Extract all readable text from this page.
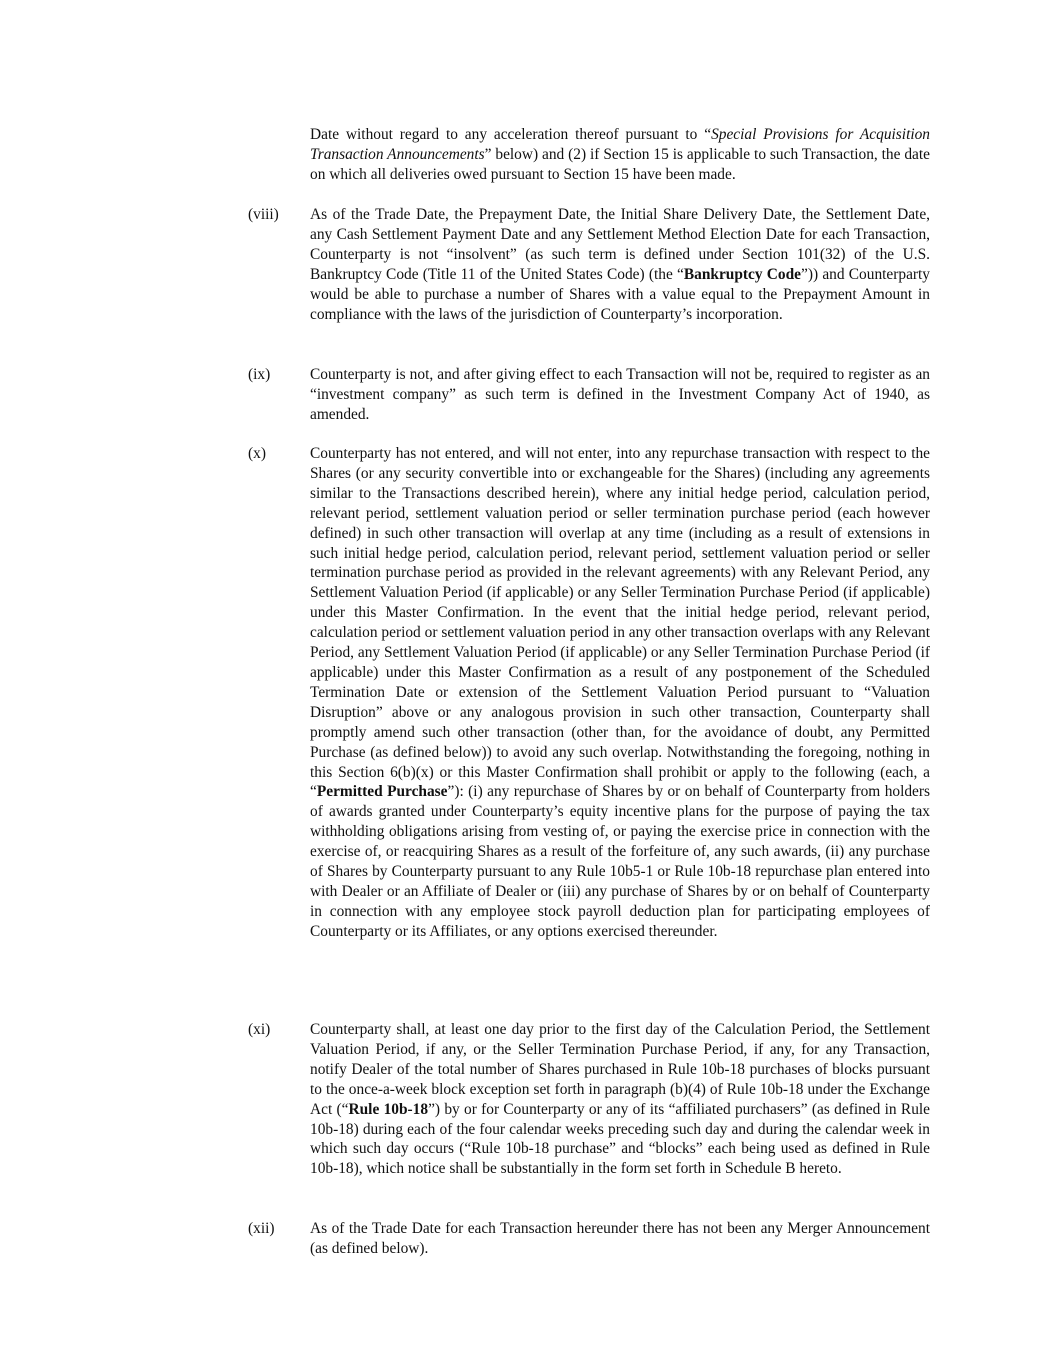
Date without regard to any acceleration thereof pursuant to “Special Provisions for Acquisition Transaction Announcements” below) and (2) if Section 15 is applicable to such Transaction, the date on which all deliveries owed pursuant to Section 15 have been made.

(viii) As of the Trade Date, the Prepayment Date, the Initial Share Delivery Date, the Settlement Date, any Cash Settlement Payment Date and any Settlement Method Election Date for each Transaction, Counterparty is not “insolvent” (as such term is defined under Section 101(32) of the U.S. Bankruptcy Code (Title 11 of the United States Code) (the “Bankruptcy Code”)) and Counterparty would be able to purchase a number of Shares with a value equal to the Prepayment Amount in compliance with the laws of the jurisdiction of Counterparty’s incorporation.

(ix)	Counterparty is not, and after giving effect to each Transaction will not be, required to register as an “investment company” as such term is defined in the Investment Company Act of 1940, as amended.

(x)	Counterparty has not entered, and will not enter, into any repurchase transaction with respect to the Shares (or any security convertible into or exchangeable for the Shares) (including any agreements similar to the Transactions described herein), where any initial hedge period, calculation period, relevant period, settlement valuation period or seller termination purchase period (each however defined) in such other transaction will overlap at any time (including as a result of extensions in such initial hedge period, calculation period, relevant period, settlement valuation period or seller termination purchase period as provided in the relevant agreements) with any Relevant Period, any Settlement Valuation Period (if applicable) or any Seller Termination Purchase Period (if applicable) under this Master Confirmation. In the event that the initial hedge period, relevant period, calculation period or settlement valuation period in any other transaction overlaps with any Relevant Period, any Settlement Valuation Period (if applicable) or any Seller Termination Purchase Period (if applicable) under this Master Confirmation as a result of any postponement of the Scheduled Termination Date or extension of the Settlement Valuation Period pursuant to “Valuation Disruption” above or any analogous provision in such other transaction, Counterparty shall promptly amend such other transaction (other than, for the avoidance of doubt, any Permitted Purchase (as defined below)) to avoid any such overlap. Notwithstanding the foregoing, nothing in this Section 6(b)(x) or this Master Confirmation shall prohibit or apply to the following (each, a “Permitted Purchase”): (i) any repurchase of Shares by or on behalf of Counterparty from holders of awards granted under Counterparty’s equity incentive plans for the purpose of paying the tax withholding obligations arising from vesting of, or paying the exercise price in connection with the exercise of, or reacquiring Shares as a result of the forfeiture of, any such awards, (ii) any purchase of Shares by Counterparty pursuant to any Rule 10b5-1 or Rule 10b-18 repurchase plan entered into with Dealer or an Affiliate of Dealer or (iii) any purchase of Shares by or on behalf of Counterparty in connection with any employee stock payroll deduction plan for participating employees of Counterparty or its Affiliates, or any options exercised thereunder.

(xi)	Counterparty shall, at least one day prior to the first day of the Calculation Period, the Settlement Valuation Period, if any, or the Seller Termination Purchase Period, if any, for any Transaction, notify Dealer of the total number of Shares purchased in Rule 10b-18 purchases of blocks pursuant to the once-a-week block exception set forth in paragraph (b)(4) of Rule 10b-18 under the Exchange Act (“Rule 10b-18”) by or for Counterparty or any of its “affiliated purchasers” (as defined in Rule 10b-18) during each of the four calendar weeks preceding such day and during the calendar week in which such day occurs (“Rule 10b-18 purchase” and “blocks” each being used as defined in Rule 10b-18), which notice shall be substantially in the form set forth in Schedule B hereto.

(xii) As of the Trade Date for each Transaction hereunder there has not been any Merger Announcement (as defined below).
